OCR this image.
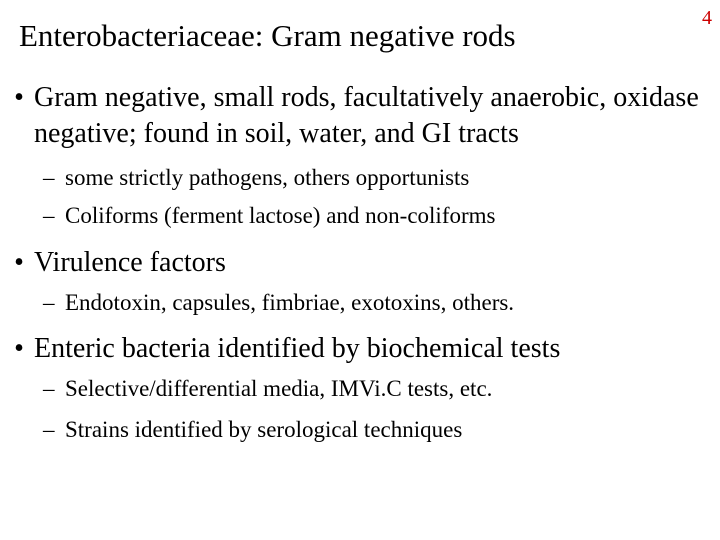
Enterobacteriaceae: Gram negative rods	4
• Gram negative, small rods, facultatively anaerobic, oxidase negative; found in soil, water, and GI tracts
– some strictly pathogens, others opportunists
– Coliforms (ferment lactose) and non-coliforms
• Virulence factors
– Endotoxin, capsules, fimbriae, exotoxins, others.
• Enteric bacteria identified by biochemical tests
– Selective/differential media, IMVi.C tests, etc.
– Strains identified by serological techniques
